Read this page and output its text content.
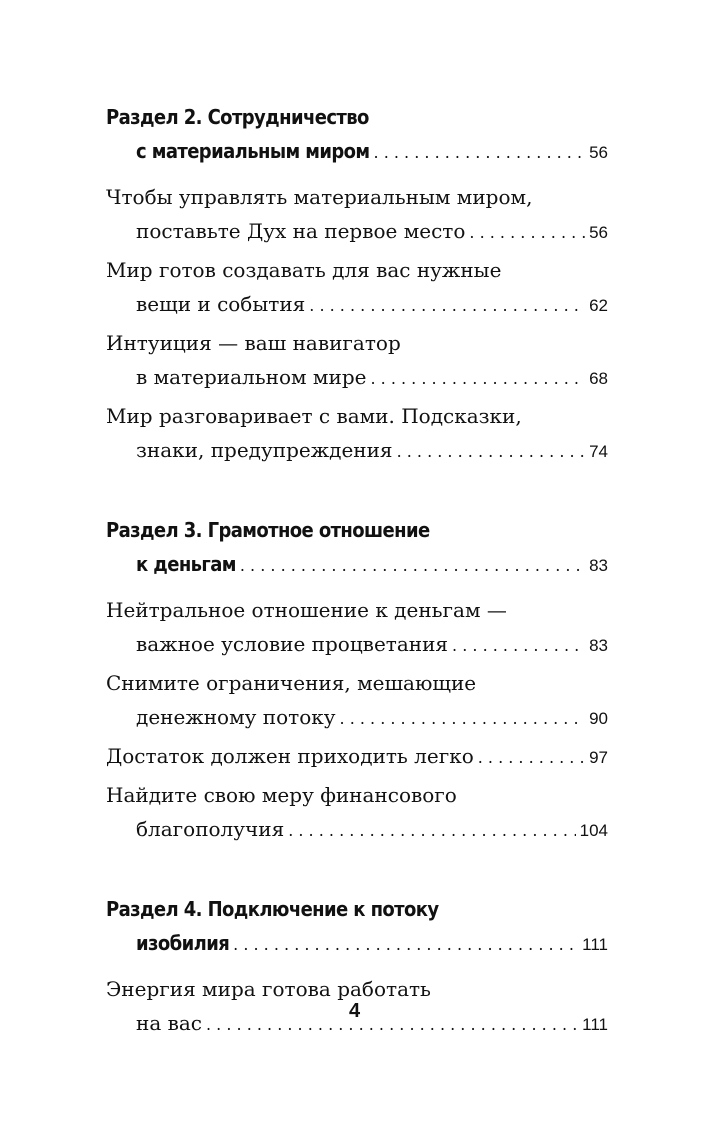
Раздел 2. Сотрудничество
с материальным миром . . .	56
Чтобы управлять материальным миром,
поставьте Дух на первое место . . .	56
Мир готов создавать для вас нужные
вещи и события . . .	62
Интуиция — ваш навигатор
в материальном мире . . .	68
Мир разговаривает с вами. Подсказки,
знаки, предупреждения . . .	74
Раздел 3. Грамотное отношение
к деньгам . . .	83
Нейтральное отношение к деньгам —
важное условие процветания . . .	83
Снимите ограничения, мешающие
денежному потоку . . .	90
Достаток должен приходить легко . . .	97
Найдите свою меру финансового
благополучия . . .	104
Раздел 4. Подключение к потоку
изобилия . . .	111
Энергия мира готова работать
на вас . . .	111
4
